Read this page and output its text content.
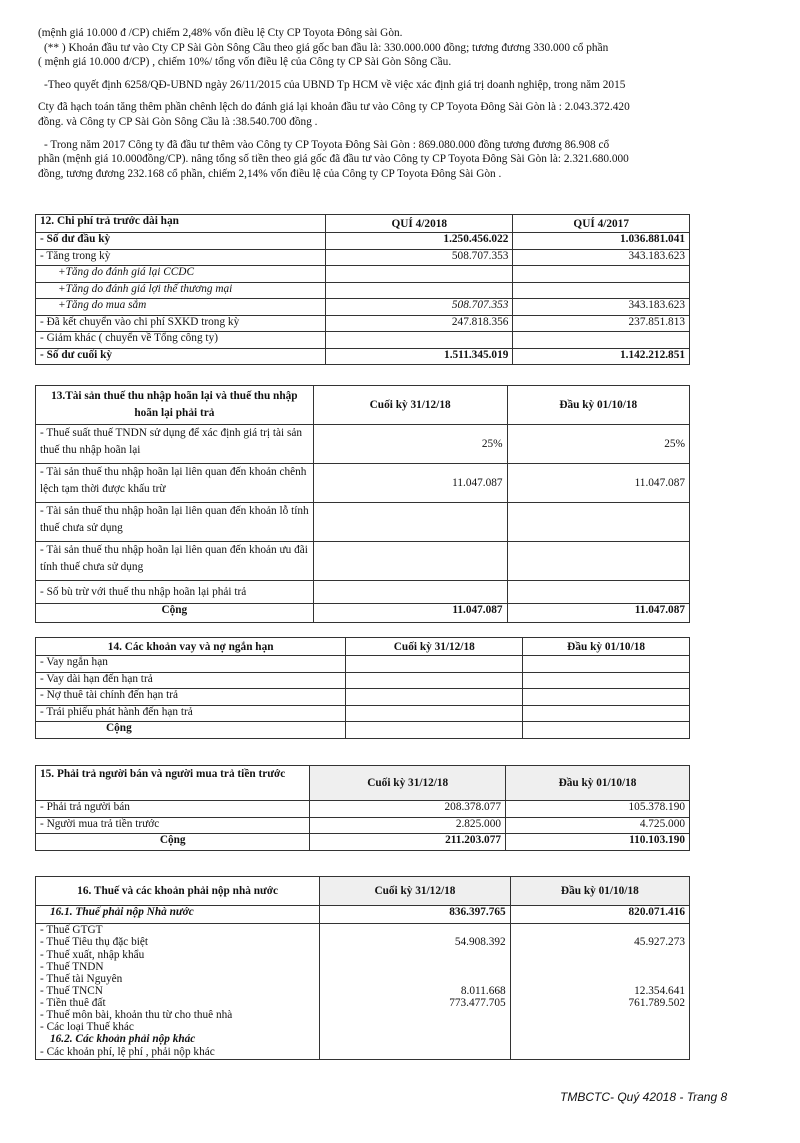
(mệnh giá 10.000 đ /CP) chiếm 2,48% vốn điều lệ Cty CP Toyota Đông sài Gòn.

(** ) Khoản đầu tư vào Cty CP Sài Gòn Sông Cầu theo giá gốc ban đầu là: 330.000.000 đồng; tương đương 330.000 cổ phần

( mệnh giá 10.000 đ/CP) , chiếm 10%/ tổng vốn điều lệ của Công ty CP Sài Gòn Sông Cầu.

-Theo quyết định 6258/QĐ-UBND ngày 26/11/2015 của UBND Tp HCM về việc xác định giá trị doanh nghiệp, trong năm 2015

Cty đã hạch toán tăng thêm phần chênh lệch do đánh giá lại khoản đầu tư vào Công ty CP Toyota Đông Sài Gòn là : 2.043.372.420

đồng. và Công ty CP Sài Gòn Sông Cầu là :38.540.700 đồng .

- Trong năm 2017 Công ty đã đầu tư thêm vào Công ty CP Toyota Đông Sài Gòn : 869.080.000 đồng tương đương 86.908 cổ

phần (mệnh giá 10.000đồng/CP). nâng tổng số tiền theo giá gốc đã đầu tư vào Công ty CP Toyota Đông Sài Gòn là: 2.321.680.000

đồng, tương đương 232.168 cổ phần, chiếm 2,14% vốn điều lệ của Công ty CP Toyota Đông Sài Gòn .

12. Chi phí trả trước dài hạn	QUÍ 4/2018	QUÍ 4/2017
- Số dư đầu kỳ	1.250.456.022	1.036.881.041
- Tăng trong kỳ	508.707.353	343.183.623
+Tăng do đánh giá lại CCDC		
+Tăng do đánh giá lợi thế thương mại		
+Tăng do mua sắm	508.707.353	343.183.623
- Đã kết chuyển vào chi phí SXKD trong kỳ	247.818.356	237.851.813
- Giảm khác ( chuyển về Tổng công ty)		
- Số dư cuối kỳ	1.511.345.019	1.142.212.851
13.Tài sản thuế thu nhập hoãn lại và thuế thu nhập hoãn lại phải trả	Cuối kỳ 31/12/18	Đầu kỳ 01/10/18
- Thuế suất thuế TNDN sử dụng để xác định giá trị tài sản thuế thu nhập hoãn lại	25%	25%
- Tài sản thuế thu nhập hoãn lại liên quan đến khoản chênh lệch tạm thời được khấu trừ	11.047.087	11.047.087
- Tài sản thuế thu nhập hoãn lại liên quan đến khoản lỗ tính thuế chưa sử dụng		
- Tài sản thuế thu nhập hoãn lại liên quan đến khoản ưu đãi tính thuế chưa sử dụng		
- Số bù trừ với thuế thu nhập hoãn lại phải trả		
Cộng	11.047.087	11.047.087
14. Các khoản vay và nợ ngắn hạn	Cuối kỳ 31/12/18	Đầu kỳ 01/10/18
- Vay ngắn hạn		
- Vay dài hạn đến hạn trả		
- Nợ thuê tài chính đến hạn trả		
- Trái phiếu phát hành đến hạn trả		
Cộng		
15. Phải trả người bán và người mua trả tiền trước	Cuối kỳ 31/12/18	Đầu kỳ 01/10/18
- Phải trả người bán	208.378.077	105.378.190
- Người mua trả tiền trước	2.825.000	4.725.000
Cộng	211.203.077	110.103.190
16. Thuế và các khoản phải nộp nhà nước	Cuối kỳ 31/12/18	Đầu kỳ 01/10/18
16.1. Thuế phải nộp Nhà nước	836.397.765	820.071.416
- Thuế GTGT		
- Thuế Tiêu thụ đặc biệt	54.908.392	45.927.273
- Thuế xuất, nhập khẩu		
- Thuế TNDN		
- Thuế tài Nguyên		
- Thuế TNCN	8.011.668	12.354.641
- Tiền thuê đất	773.477.705	761.789.502
- Thuế môn bài, khoản thu từ cho thuê nhà		
- Các loại Thuế khác		
16.2. Các khoản phải nộp khác		
- Các khoản phí, lệ phí , phải nộp khác		
TMBCTC- Quý 42018 - Trang 8
